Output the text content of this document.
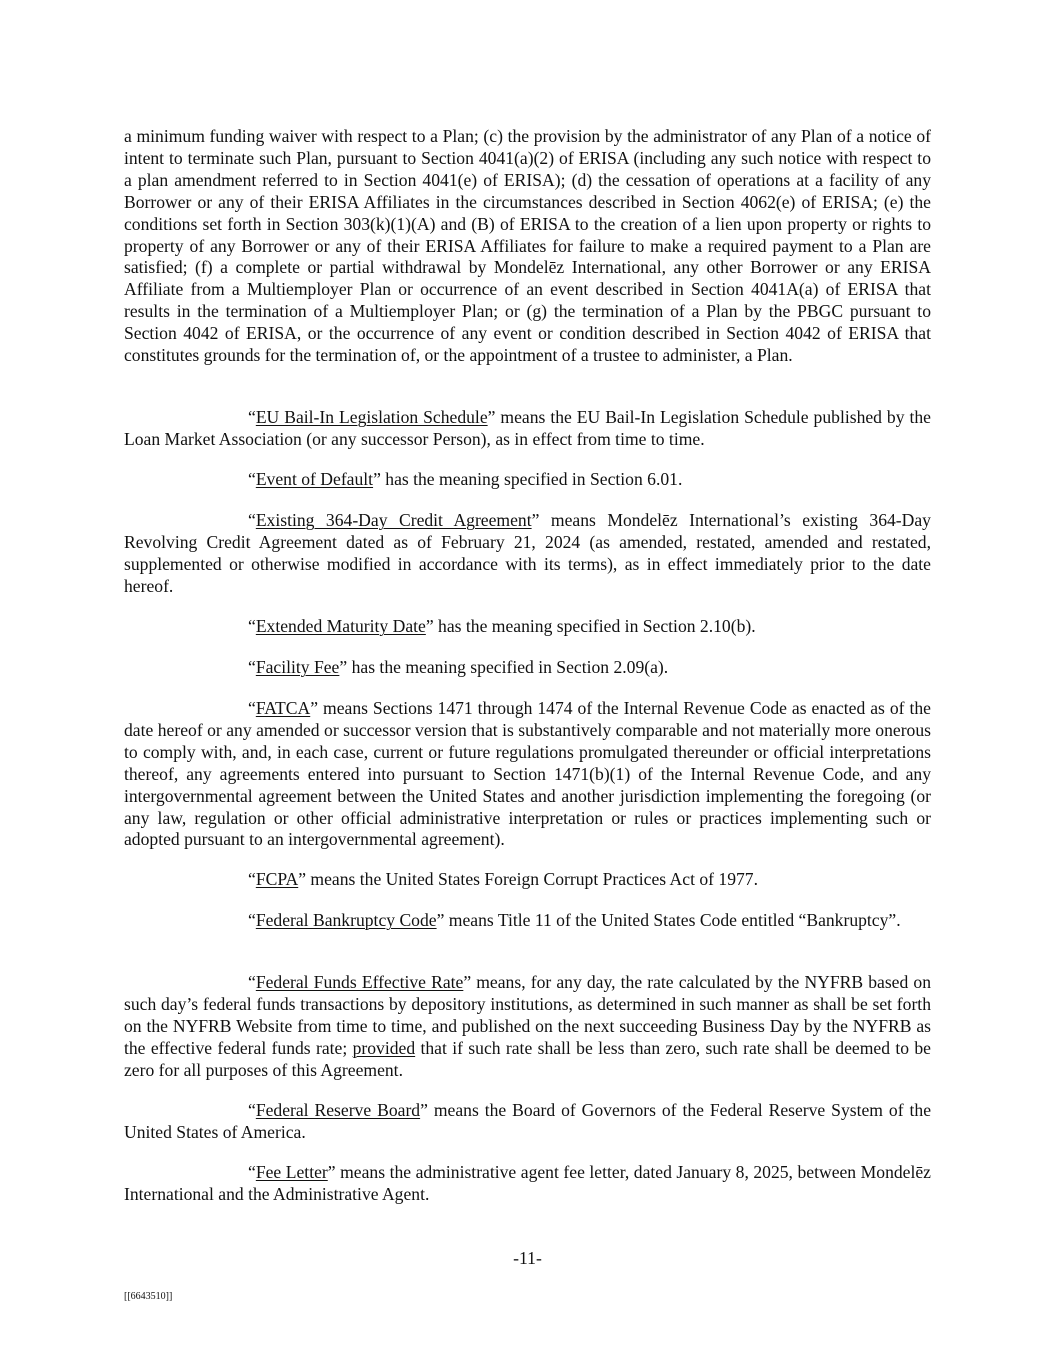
a minimum funding waiver with respect to a Plan; (c) the provision by the administrator of any Plan of a notice of intent to terminate such Plan, pursuant to Section 4041(a)(2) of ERISA (including any such notice with respect to a plan amendment referred to in Section 4041(e) of ERISA); (d) the cessation of operations at a facility of any Borrower or any of their ERISA Affiliates in the circumstances described in Section 4062(e) of ERISA; (e) the conditions set forth in Section 303(k)(1)(A) and (B) of ERISA to the creation of a lien upon property or rights to property of any Borrower or any of their ERISA Affiliates for failure to make a required payment to a Plan are satisfied; (f) a complete or partial withdrawal by Mondelēz International, any other Borrower or any ERISA Affiliate from a Multiemployer Plan or occurrence of an event described in Section 4041A(a) of ERISA that results in the termination of a Multiemployer Plan; or (g) the termination of a Plan by the PBGC pursuant to Section 4042 of ERISA, or the occurrence of any event or condition described in Section 4042 of ERISA that constitutes grounds for the termination of, or the appointment of a trustee to administer, a Plan.

“EU Bail-In Legislation Schedule” means the EU Bail-In Legislation Schedule published by the Loan Market Association (or any successor Person), as in effect from time to time.

“Event of Default” has the meaning specified in Section 6.01.

“Existing 364-Day Credit Agreement” means Mondelēz International’s existing 364-Day Revolving Credit Agreement dated as of February 21, 2024 (as amended, restated, amended and restated, supplemented or otherwise modified in accordance with its terms), as in effect immediately prior to the date hereof.

“Extended Maturity Date” has the meaning specified in Section 2.10(b).

“Facility Fee” has the meaning specified in Section 2.09(a).

“FATCA” means Sections 1471 through 1474 of the Internal Revenue Code as enacted as of the date hereof or any amended or successor version that is substantively comparable and not materially more onerous to comply with, and, in each case, current or future regulations promulgated thereunder or official interpretations thereof, any agreements entered into pursuant to Section 1471(b)(1) of the Internal Revenue Code, and any intergovernmental agreement between the United States and another jurisdiction implementing the foregoing (or any law, regulation or other official administrative interpretation or rules or practices implementing such or adopted pursuant to an intergovernmental agreement).

“FCPA” means the United States Foreign Corrupt Practices Act of 1977.

“Federal Bankruptcy Code” means Title 11 of the United States Code entitled “Bankruptcy”.

“Federal Funds Effective Rate” means, for any day, the rate calculated by the NYFRB based on such day’s federal funds transactions by depository institutions, as determined in such manner as shall be set forth on the NYFRB Website from time to time, and published on the next succeeding Business Day by the NYFRB as the effective federal funds rate; provided that if such rate shall be less than zero, such rate shall be deemed to be zero for all purposes of this Agreement.

“Federal Reserve Board” means the Board of Governors of the Federal Reserve System of the United States of America.

“Fee Letter” means the administrative agent fee letter, dated January 8, 2025, between Mondelēz International and the Administrative Agent.

-11-
[[6643510]]
